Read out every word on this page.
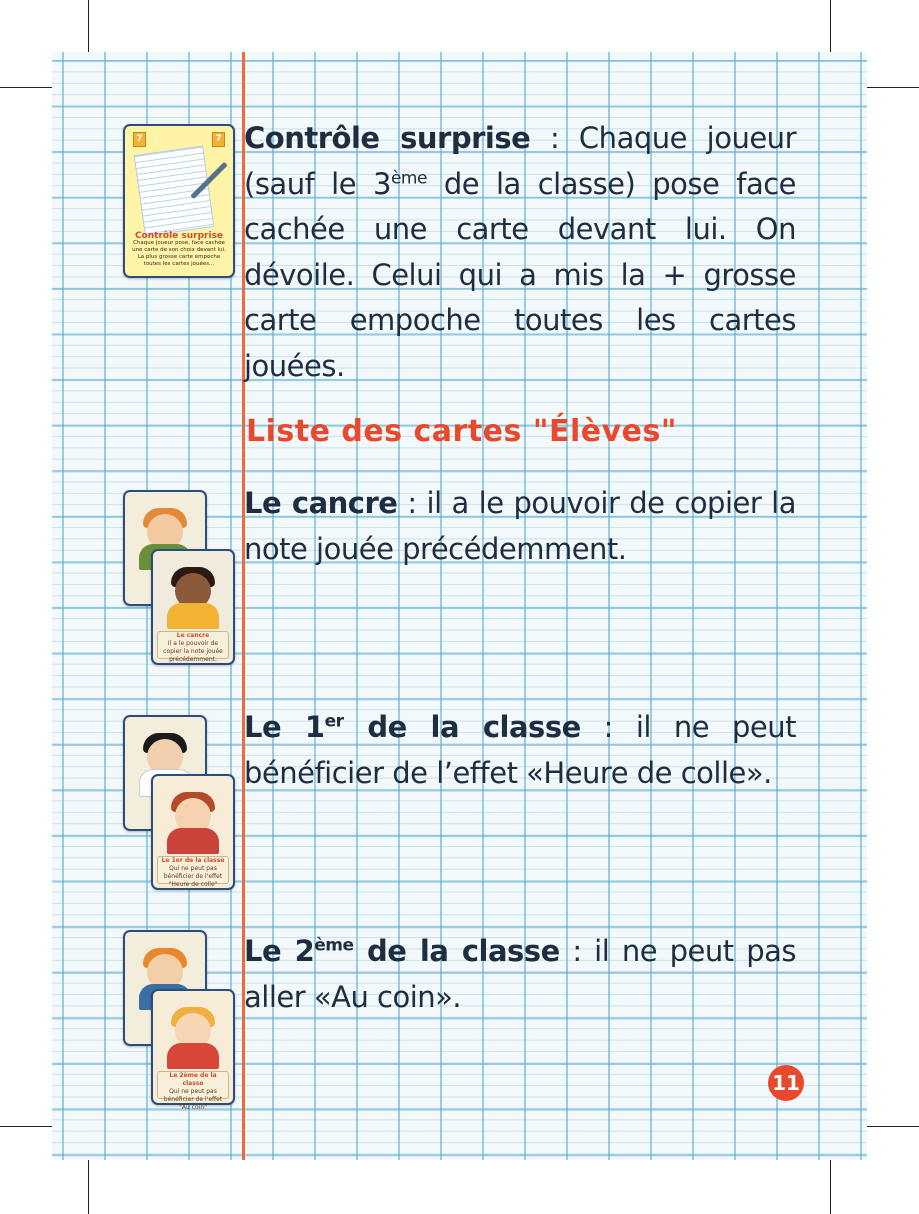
7	7
Contrôle surprise
Chaque joueur pose, face cachée une carte de son choix devant lui. La plus grosse carte empoche toutes les cartes jouées...
Contrôle surprise : Chaque joueur (sauf le 3ème de la classe) pose face cachée une carte devant lui. On dévoile. Celui qui a mis la + grosse carte empoche toutes les cartes jouées.
Liste des cartes "Élèves"
Le cancre
Il a le pouvoir de copier la note jouée précédemment.
Le cancre : il a le pouvoir de copier la note jouée précédemment.
Le 1er de la classe
Qui ne peut pas bénéficier de l'effet "Heure de colle"
Le 1er de la classe : il ne peut bénéficier de l’effet «Heure de colle».
Le 2ème de la classe
Qui ne peut pas bénéficier de l'effet "Au coin"
Le 2ème de la classe : il ne peut pas aller «Au coin».
11
